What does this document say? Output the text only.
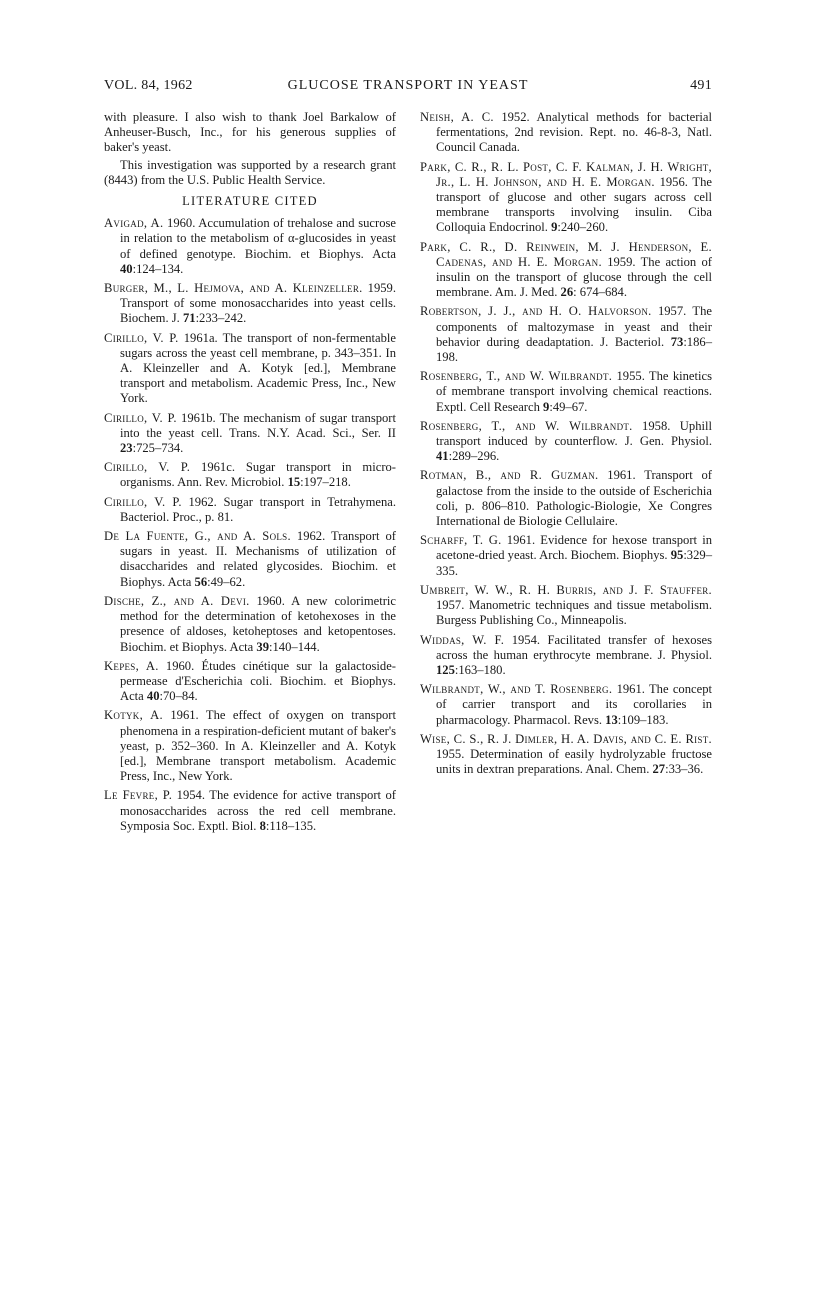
VOL. 84, 1962	GLUCOSE TRANSPORT IN YEAST	491

with pleasure. I also wish to thank Joel Barkalow of Anheuser-Busch, Inc., for his generous supplies of baker's yeast.

This investigation was supported by a research grant (8443) from the U.S. Public Health Service.

LITERATURE CITED

Avigad, A. 1960. Accumulation of trehalose and sucrose in relation to the metabolism of α-glucosides in yeast of defined genotype. Biochim. et Biophys. Acta 40:124–134.

Burger, M., L. Hejmova, and A. Kleinzeller. 1959. Transport of some monosaccharides into yeast cells. Biochem. J. 71:233–242.

Cirillo, V. P. 1961a. The transport of non-fermentable sugars across the yeast cell membrane, p. 343–351. In A. Kleinzeller and A. Kotyk [ed.], Membrane transport and metabolism. Academic Press, Inc., New York.

Cirillo, V. P. 1961b. The mechanism of sugar transport into the yeast cell. Trans. N.Y. Acad. Sci., Ser. II 23:725–734.

Cirillo, V. P. 1961c. Sugar transport in micro-organisms. Ann. Rev. Microbiol. 15:197–218.

Cirillo, V. P. 1962. Sugar transport in Tetrahymena. Bacteriol. Proc., p. 81.

De La Fuente, G., and A. Sols. 1962. Transport of sugars in yeast. II. Mechanisms of utilization of disaccharides and related glycosides. Biochim. et Biophys. Acta 56:49–62.

Dische, Z., and A. Devi. 1960. A new colorimetric method for the determination of ketohexoses in the presence of aldoses, ketoheptoses and ketopentoses. Biochim. et Biophys. Acta 39:140–144.

Kepes, A. 1960. Études cinétique sur la galactoside-permease d'Escherichia coli. Biochim. et Biophys. Acta 40:70–84.

Kotyk, A. 1961. The effect of oxygen on transport phenomena in a respiration-deficient mutant of baker's yeast, p. 352–360. In A. Kleinzeller and A. Kotyk [ed.], Membrane transport metabolism. Academic Press, Inc., New York.

Le Fevre, P. 1954. The evidence for active transport of monosaccharides across the red cell membrane. Symposia Soc. Exptl. Biol. 8:118–135.

Neish, A. C. 1952. Analytical methods for bacterial fermentations, 2nd revision. Rept. no. 46-8-3, Natl. Council Canada.

Park, C. R., R. L. Post, C. F. Kalman, J. H. Wright, Jr., L. H. Johnson, and H. E. Morgan. 1956. The transport of glucose and other sugars across cell membrane transports involving insulin. Ciba Colloquia Endocrinol. 9:240–260.

Park, C. R., D. Reinwein, M. J. Henderson, E. Cadenas, and H. E. Morgan. 1959. The action of insulin on the transport of glucose through the cell membrane. Am. J. Med. 26: 674–684.

Robertson, J. J., and H. O. Halvorson. 1957. The components of maltozymase in yeast and their behavior during deadaptation. J. Bacteriol. 73:186–198.

Rosenberg, T., and W. Wilbrandt. 1955. The kinetics of membrane transport involving chemical reactions. Exptl. Cell Research 9:49–67.

Rosenberg, T., and W. Wilbrandt. 1958. Uphill transport induced by counterflow. J. Gen. Physiol. 41:289–296.

Rotman, B., and R. Guzman. 1961. Transport of galactose from the inside to the outside of Escherichia coli, p. 806–810. Pathologic-Biologie, Xe Congres International de Biologie Cellulaire.

Scharff, T. G. 1961. Evidence for hexose transport in acetone-dried yeast. Arch. Biochem. Biophys. 95:329–335.

Umbreit, W. W., R. H. Burris, and J. F. Stauffer. 1957. Manometric techniques and tissue metabolism. Burgess Publishing Co., Minneapolis.

Widdas, W. F. 1954. Facilitated transfer of hexoses across the human erythrocyte membrane. J. Physiol. 125:163–180.

Wilbrandt, W., and T. Rosenberg. 1961. The concept of carrier transport and its corollaries in pharmacology. Pharmacol. Revs. 13:109–183.

Wise, C. S., R. J. Dimler, H. A. Davis, and C. E. Rist. 1955. Determination of easily hydrolyzable fructose units in dextran preparations. Anal. Chem. 27:33–36.
